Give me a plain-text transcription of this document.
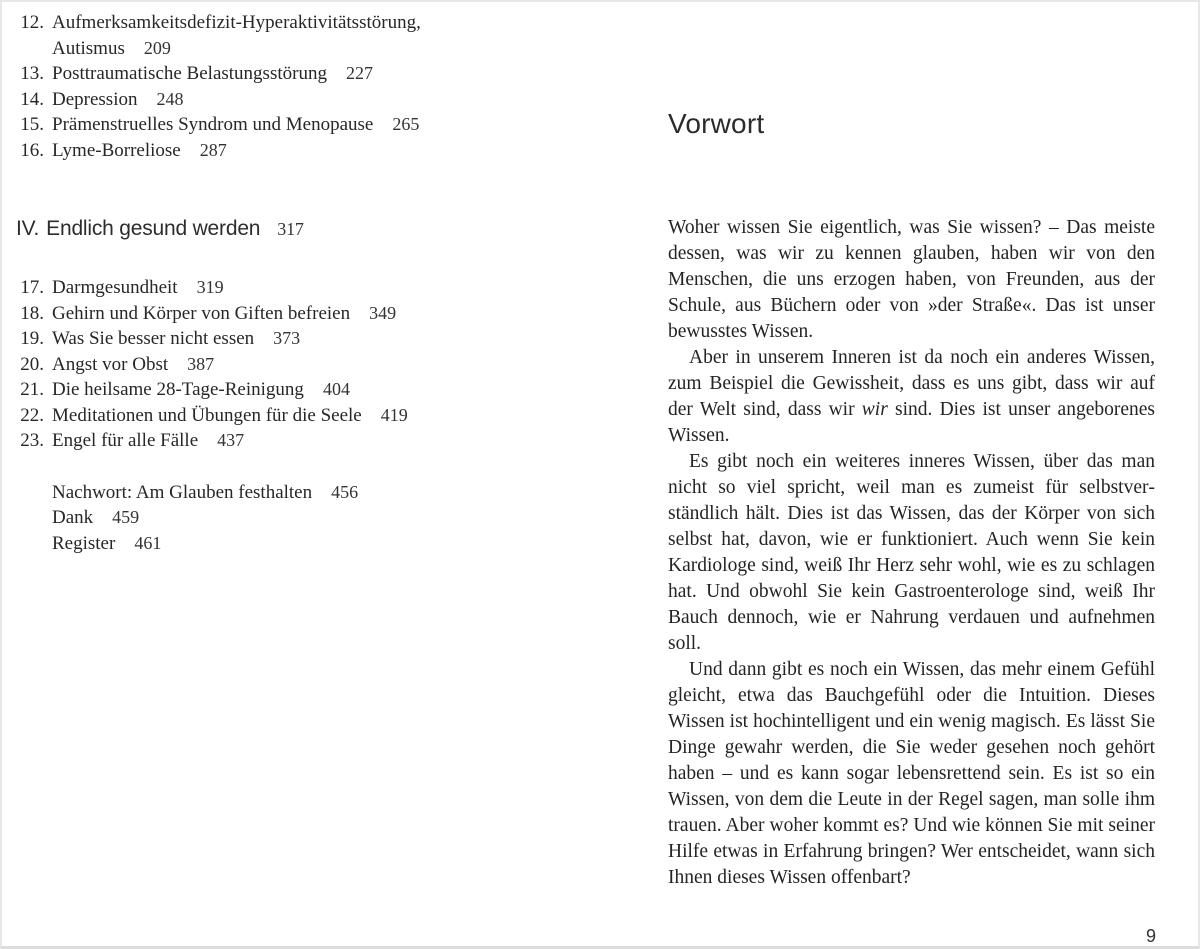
12. Aufmerksamkeitsdefizit-Hyperaktivitätsstörung,
Autismus 209
13. Posttraumatische Belastungsstörung 227
14. Depression 248
15. Prämenstruelles Syndrom und Menopause 265
16. Lyme-Borreliose 287
IV. Endlich gesund werden 317
17. Darmgesundheit 319
18. Gehirn und Körper von Giften befreien 349
19. Was Sie besser nicht essen 373
20. Angst vor Obst 387
21. Die heilsame 28-Tage-Reinigung 404
22. Meditationen und Übungen für die Seele 419
23. Engel für alle Fälle 437
Nachwort: Am Glauben festhalten 456
Dank 459
Register 461
Vorwort

Woher wissen Sie eigentlich, was Sie wissen? – Das meiste dessen, was wir zu kennen glauben, haben wir von den Menschen, die uns erzogen haben, von Freunden, aus der Schule, aus Büchern oder von »der Straße«. Das ist unser bewusstes Wissen.

Aber in unserem Inneren ist da noch ein anderes Wissen, zum Beispiel die Gewissheit, dass es uns gibt, dass wir auf der Welt sind, dass wir wir sind. Dies ist unser angeborenes Wissen.

Es gibt noch ein weiteres inneres Wissen, über das man nicht so viel spricht, weil man es zumeist für selbstverständlich hält. Dies ist das Wissen, das der Körper von sich selbst hat, davon, wie er funktioniert. Auch wenn Sie kein Kardiologe sind, weiß Ihr Herz sehr wohl, wie es zu schlagen hat. Und obwohl Sie kein Gastroenterologe sind, weiß Ihr Bauch dennoch, wie er Nahrung verdauen und aufnehmen soll.

Und dann gibt es noch ein Wissen, das mehr einem Gefühl gleicht, etwa das Bauchgefühl oder die Intuition. Dieses Wissen ist hochintelligent und ein wenig magisch. Es lässt Sie Dinge gewahr werden, die Sie weder gesehen noch gehört haben – und es kann sogar lebensrettend sein. Es ist so ein Wissen, von dem die Leute in der Regel sagen, man solle ihm trauen. Aber woher kommt es? Und wie können Sie mit seiner Hilfe etwas in Erfahrung bringen? Wer entscheidet, wann sich Ihnen dieses Wissen offenbart?

9
